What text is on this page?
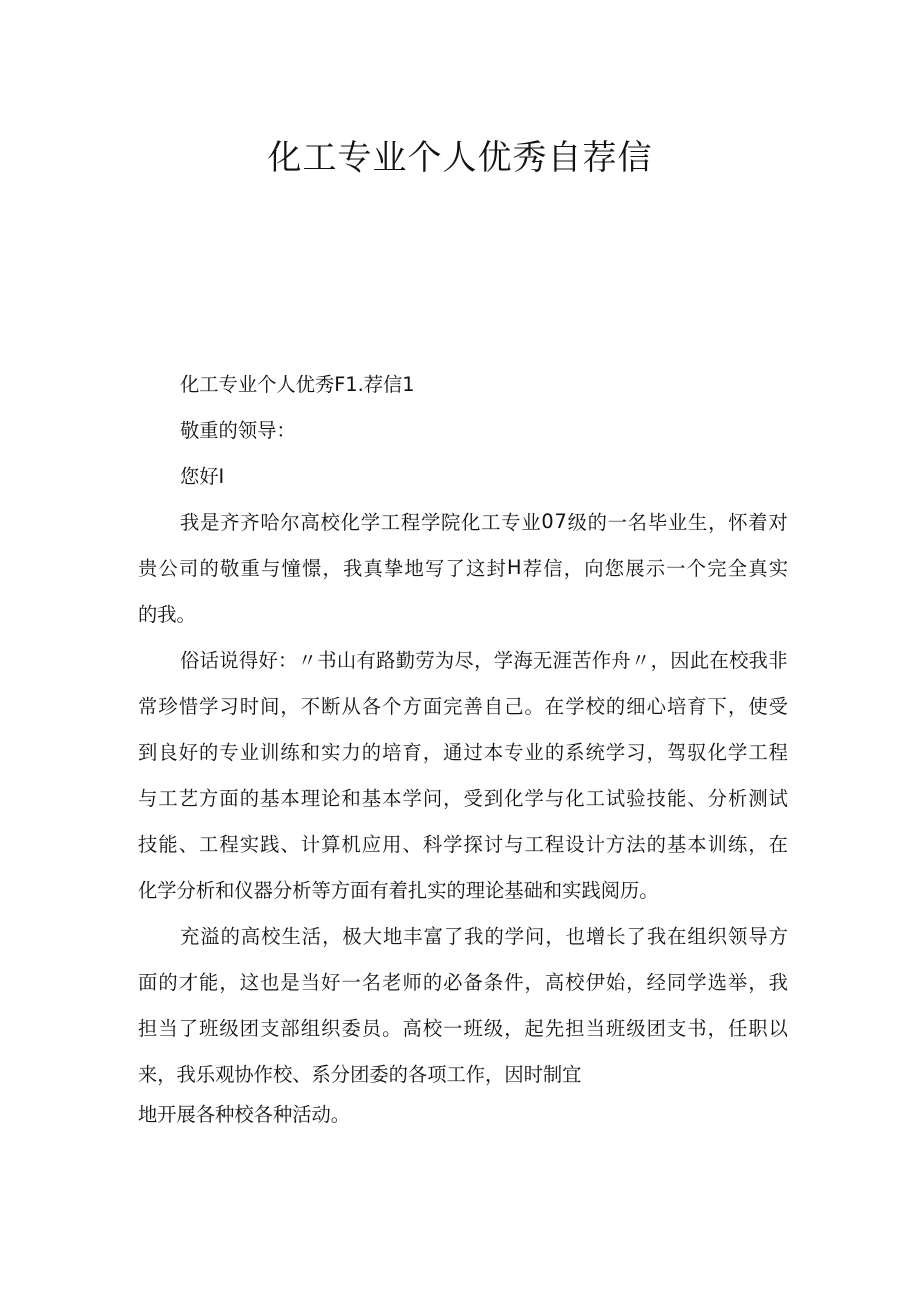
化工专业个人优秀自荐信
化工专业个人优秀F1.荐信1
敬重的领导：
您好I
我 是 齐 齐 哈 尔 高 校 化 学 工 程 学 院 化 工 专 业 0 7 级 的 一 名 毕 业 生 ， 怀 着 对
贵 公 司 的 敬 重 与 憧 憬 ， 我 真 挚 地 写 了 这 封 H 荐 信 ， 向 您 展 示 一 个 完 全 真 实
的我。
俗 话 说 得 好 ： 〃 书 山 有 路 勤 劳 为 尽 ， 学 海 无 涯 苦 作 舟 〃 ， 因 此 在 校 我 非
常 珍 惜 学 习 时 间 ， 不 断 从 各 个 方 面 完 善 自 己 。 在 学 校 的 细 心 培 育 下 ， 使 受
到 良 好 的 专 业 训 练 和 实 力 的 培 育 ， 通 过 本 专 业 的 系 统 学 习 ， 驾 驭 化 学 工 程
与 工 艺 方 面 的 基 本 理 论 和 基 本 学 问 ， 受 到 化 学 与 化 工 试 验 技 能 、 分 析 测 试
技 能 、 工 程 实 践 、 计 算 机 应 用 、 科 学 探 讨 与 工 程 设 计 方 法 的 基 本 训 练 ， 在
化学分析和仪器分析等方面有着扎实的理论基础和实践阅历。
充 溢 的 高 校 生 活 ， 极 大 地 丰 富 了 我 的 学 问 ， 也 增 长 了 我 在 组 织 领 导 方
面 的 才 能 ， 这 也 是 当 好 一 名 老 师 的 必 备 条 件 ， 高 校 伊 始 ， 经 同 学 选 举 ， 我
担 当 了 班 级 团 支 部 组 织 委 员 。 高 校 一 班 级 ， 起 先 担 当 班 级 团 支 书 ， 任 职 以
来，我乐观协作校、系分团委的各项工作，因时制宜
地开展各种校各种活动。
